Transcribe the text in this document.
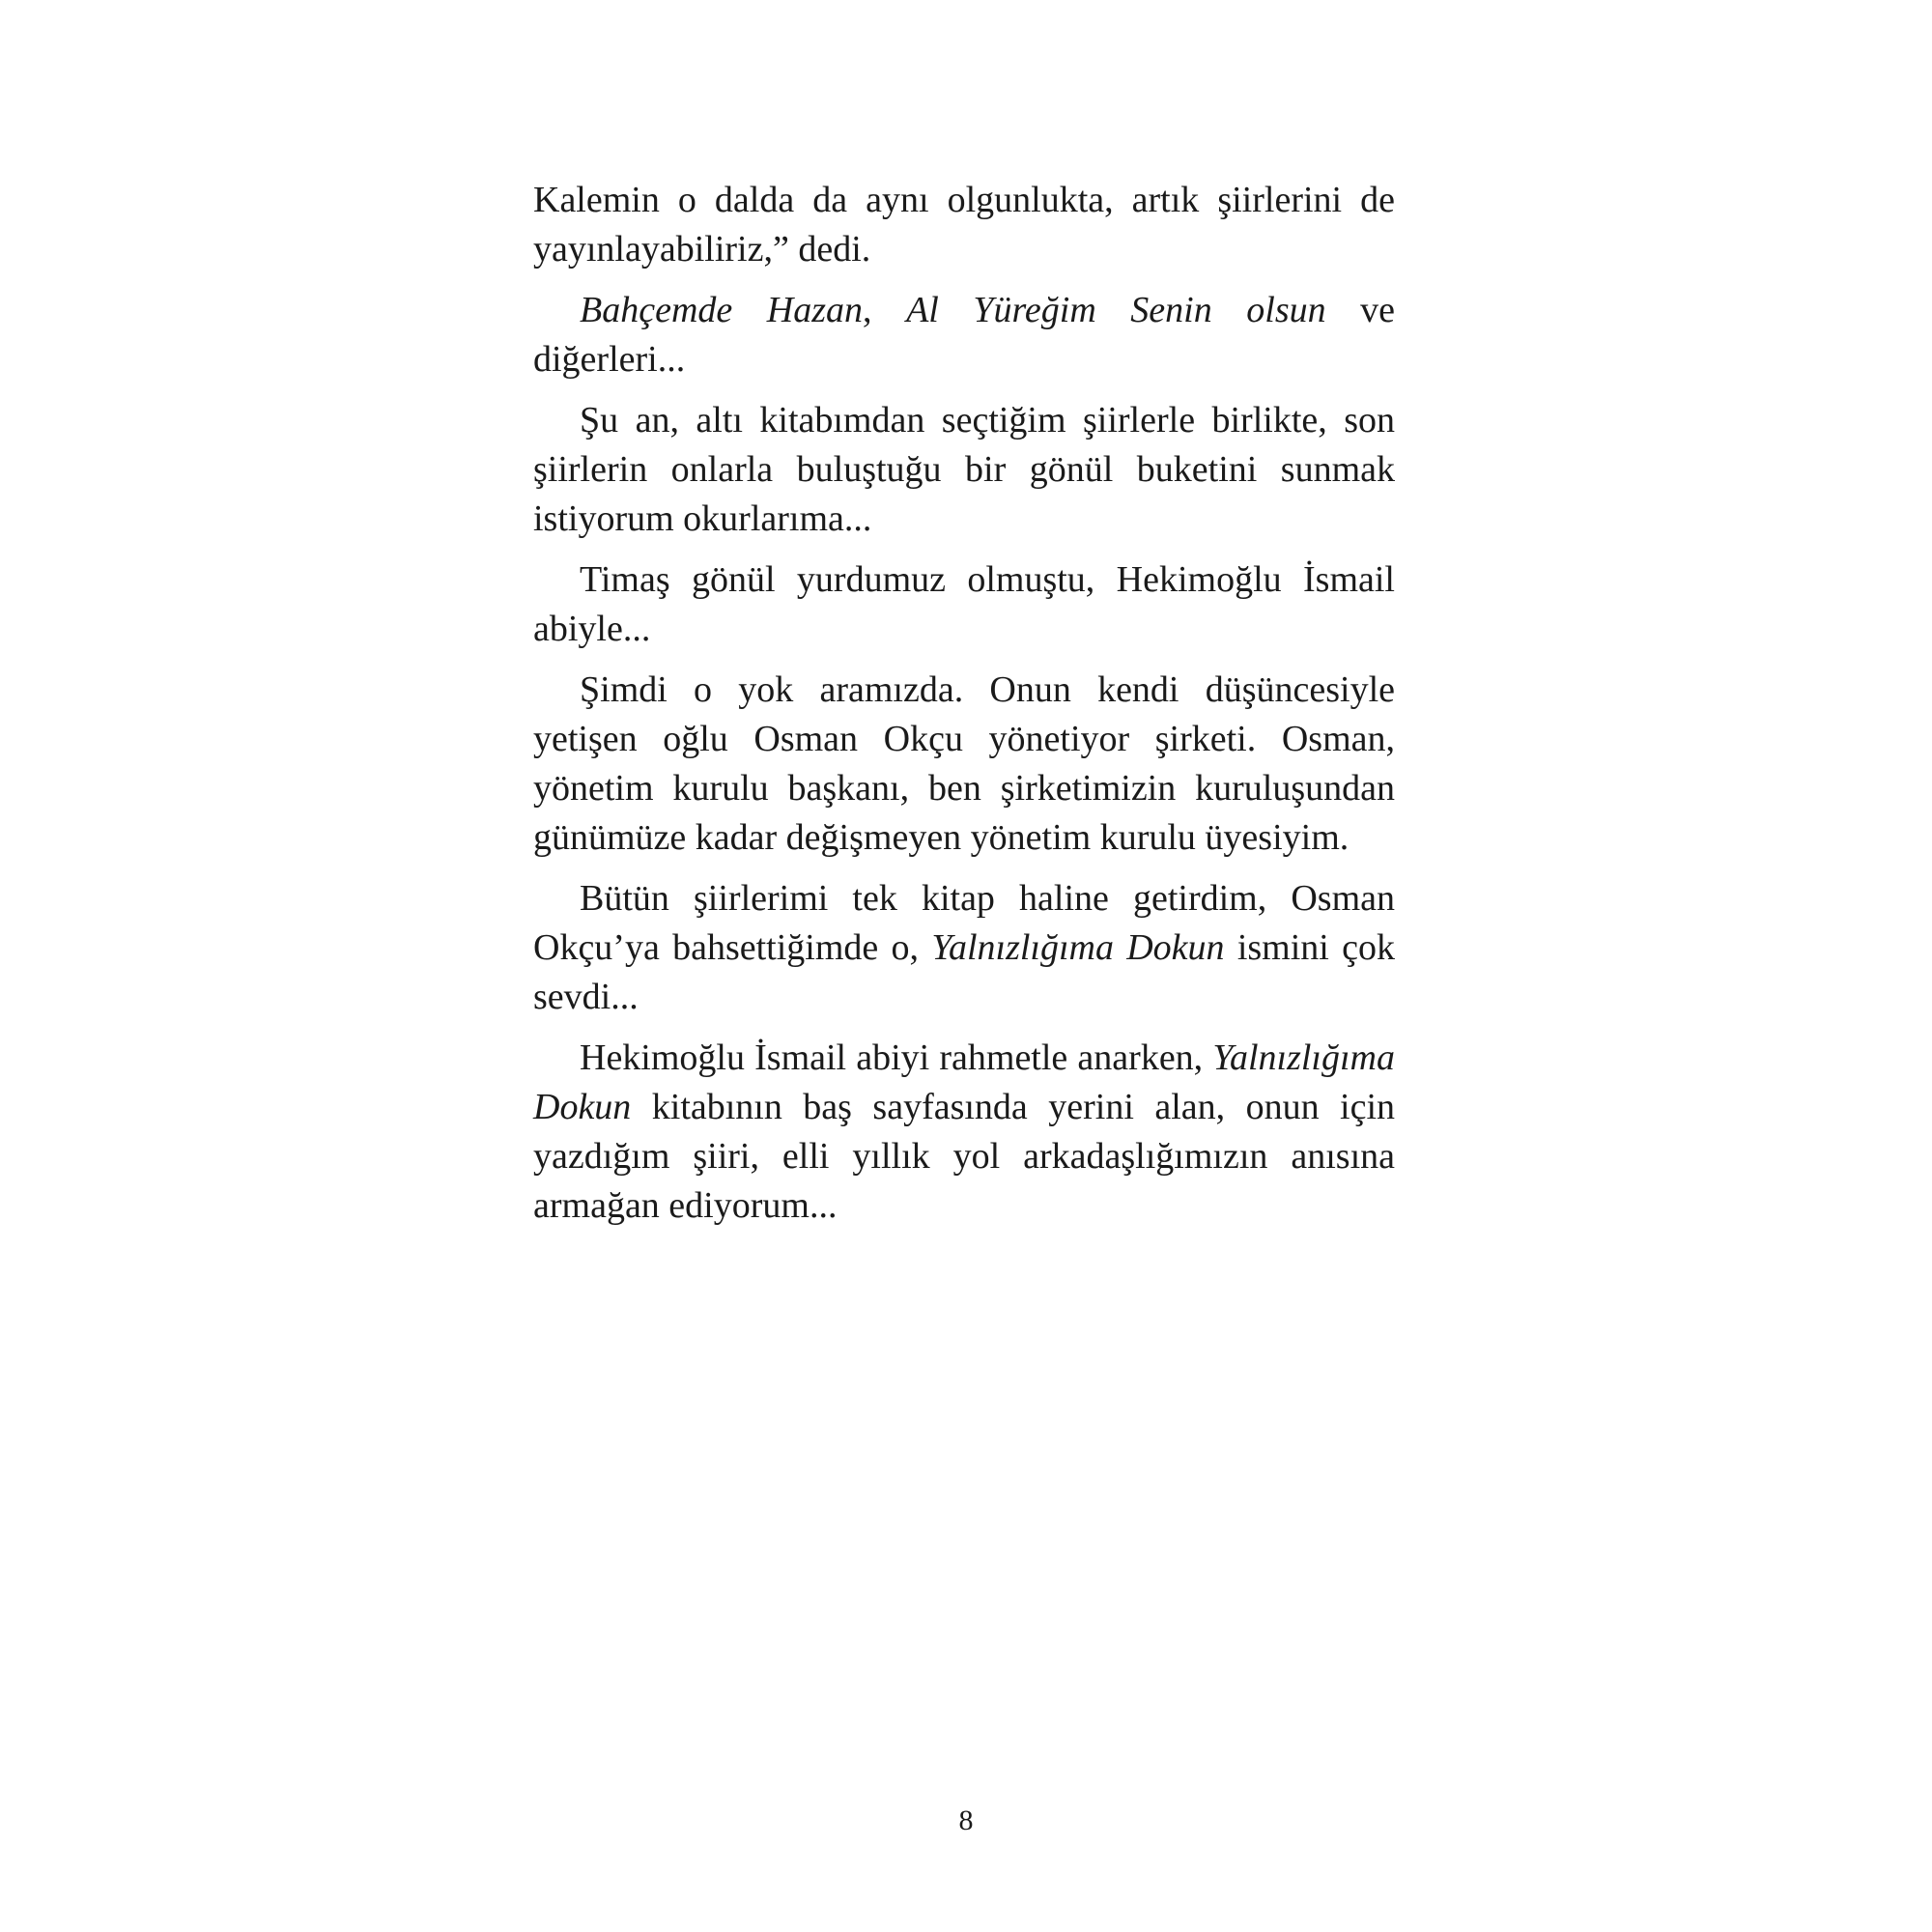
Kalemin o dalda da aynı olgunlukta, artık şiirlerini de yayınlayabiliriz,” dedi.

Bahçemde Hazan, Al Yüreğim Senin olsun ve diğerleri...

Şu an, altı kitabımdan seçtiğim şiirlerle birlikte, son şiirlerin onlarla buluştuğu bir gönül buketini sunmak istiyorum okurlarıma...

Timaş gönül yurdumuz olmuştu, Hekimoğlu İsmail abiyle...

Şimdi o yok aramızda. Onun kendi düşüncesiyle yetişen oğlu Osman Okçu yönetiyor şirketi. Osman, yönetim kurulu başkanı, ben şirketimizin kuruluşundan günümüze kadar değişmeyen yönetim kurulu üyesiyim.

Bütün şiirlerimi tek kitap haline getirdim, Osman Okçu’ya bahsettiğimde o, Yalnızlığıma Dokun ismini çok sevdi...

Hekimoğlu İsmail abiyi rahmetle anarken, Yalnızlığıma Dokun kitabının baş sayfasında yerini alan, onun için yazdığım şiiri, elli yıllık yol arkadaşlığımızın anısına armağan ediyorum...

8
